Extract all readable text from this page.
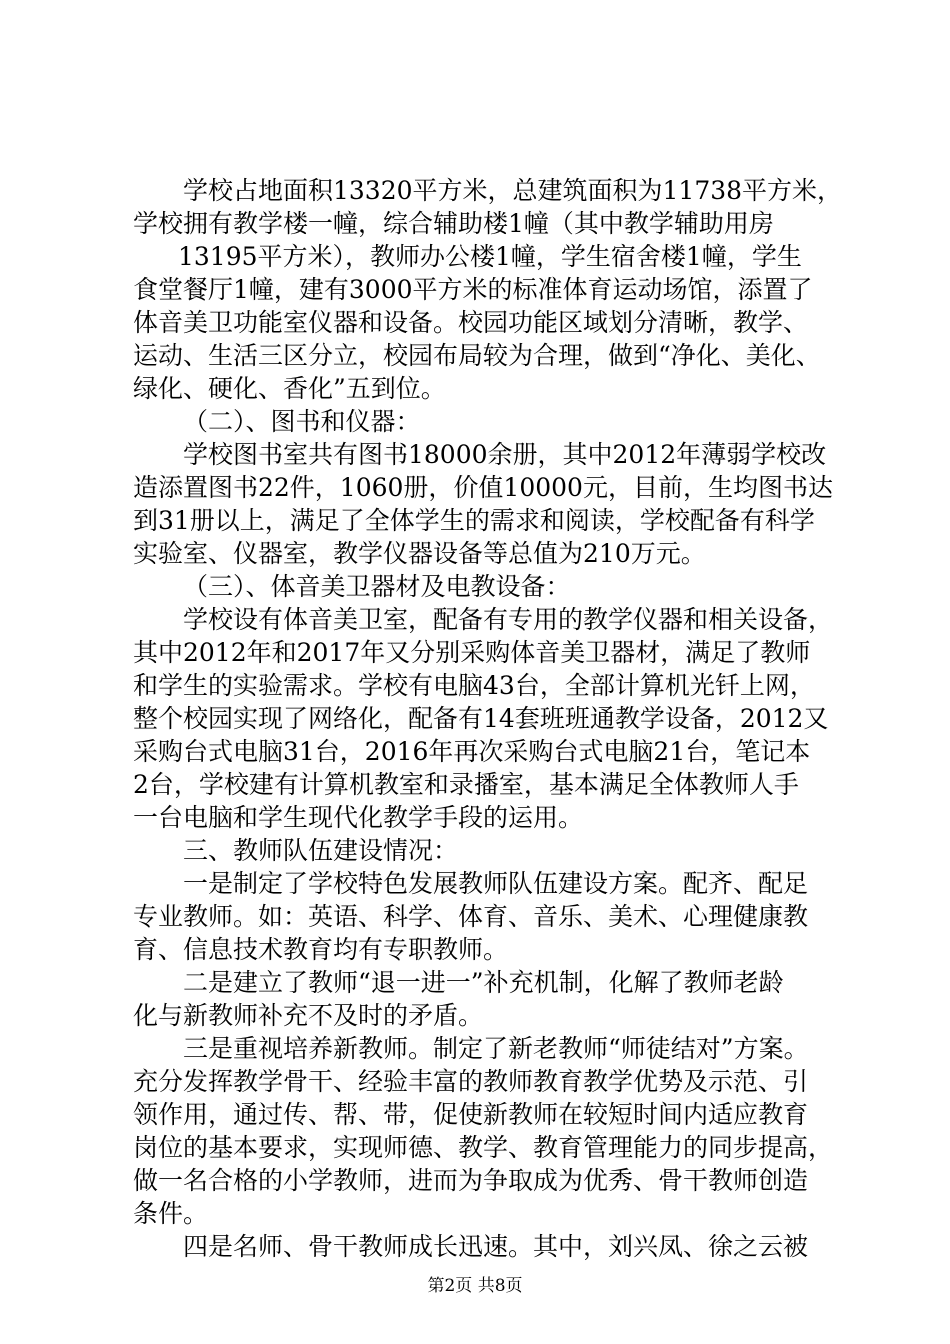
学校占地面积13320平方米，总建筑面积为11738平方米，
学校拥有教学楼一幢，综合辅助楼1幢（其中教学辅助用房
13195平方米），教师办公楼1幢，学生宿舍楼1幢，学生
食堂餐厅1幢，建有3000平方米的标准体育运动场馆，添置了
体音美卫功能室仪器和设备。校园功能区域划分清晰，教学、
运动、生活三区分立，校园布局较为合理，做到“净化、美化、
绿化、硬化、香化”五到位。
（二）、图书和仪器：
学校图书室共有图书18000余册，其中2012年薄弱学校改
造添置图书22件，1060册，价值10000元，目前，生均图书达
到31册以上，满足了全体学生的需求和阅读，学校配备有科学
实验室、仪器室，教学仪器设备等总值为210万元。
（三）、体音美卫器材及电教设备：
学校设有体音美卫室，配备有专用的教学仪器和相关设备，
其中2012年和2017年又分别采购体音美卫器材，满足了教师
和学生的实验需求。学校有电脑43台，全部计算机光钎上网，
整个校园实现了网络化，配备有14套班班通教学设备，2012又
采购台式电脑31台，2016年再次采购台式电脑21台，笔记本
2台，学校建有计算机教室和录播室，基本满足全体教师人手
一台电脑和学生现代化教学手段的运用。
三、教师队伍建设情况：
一是制定了学校特色发展教师队伍建设方案。配齐、配足
专业教师。如：英语、科学、体育、音乐、美术、心理健康教
育、信息技术教育均有专职教师。
二是建立了教师“退一进一”补充机制，化解了教师老龄
化与新教师补充不及时的矛盾。
三是重视培养新教师。制定了新老教师“师徒结对”方案。
充分发挥教学骨干、经验丰富的教师教育教学优势及示范、引
领作用，通过传、帮、带，促使新教师在较短时间内适应教育
岗位的基本要求，实现师德、教学、教育管理能力的同步提高，
做一名合格的小学教师，进而为争取成为优秀、骨干教师创造
条件。
四是名师、骨干教师成长迅速。其中，刘兴凤、徐之云被
第2页 共8页
